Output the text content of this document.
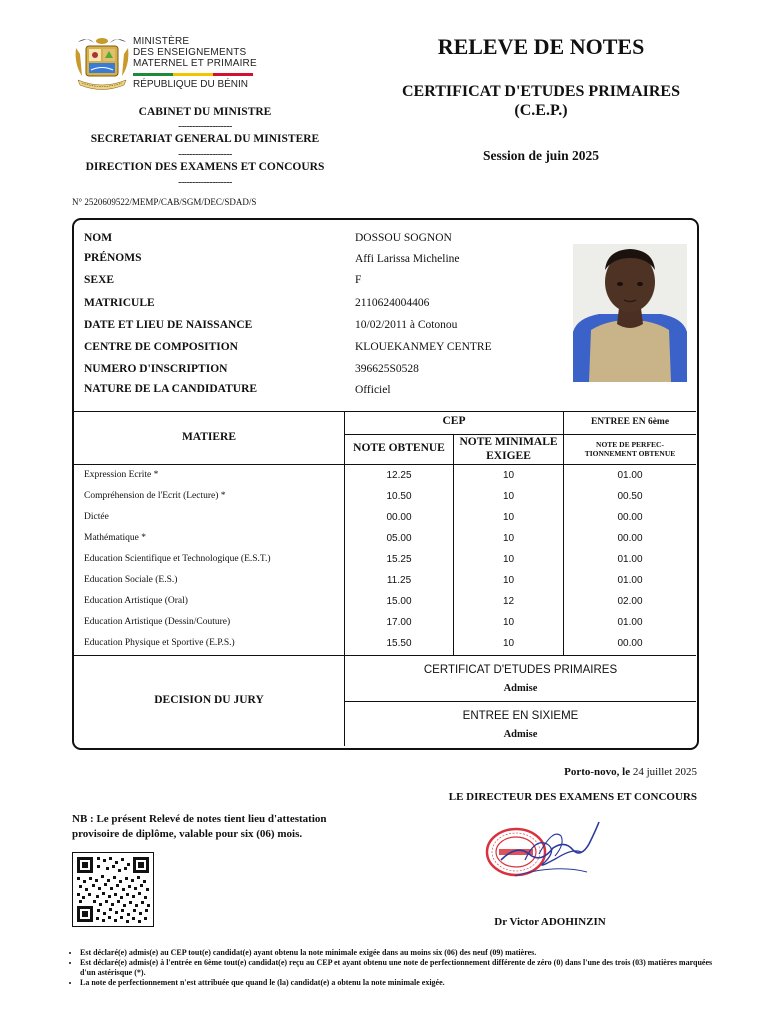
MINISTÈRE
DES ENSEIGNEMENTS
MATERNEL ET PRIMAIRE
RÉPUBLIQUE DU BÉNIN
CABINET DU MINISTRE
-------------------
SECRETARIAT GENERAL DU MINISTERE
-------------------
DIRECTION DES EXAMENS ET CONCOURS
-------------------
N° 2520609522/MEMP/CAB/SGM/DEC/SDAD/S
RELEVE DE NOTES
CERTIFICAT D'ETUDES PRIMAIRES
(C.E.P.)
Session de juin 2025
NOM	DOSSOU SOGNON
PRÉNOMS	Affi Larissa Micheline
SEXE	F
MATRICULE	2110624004406
DATE ET LIEU DE NAISSANCE	10/02/2011 à Cotonou
CENTRE DE COMPOSITION	KLOUEKANMEY CENTRE
NUMERO D'INSCRIPTION	396625S0528
NATURE DE LA CANDIDATURE	Officiel
MATIERE
CEP
NOTE OBTENUE	NOTE MINIMALE
EXIGEE
ENTREE EN 6ème
NOTE DE PERFEC-
TIONNEMENT OBTENUE
Expression Ecrite *	12.25	10	01.00
Compréhension de l'Ecrit (Lecture) *	10.50	10	00.50
Dictée	00.00	10	00.00
Mathématique *	05.00	10	00.00
Education Scientifique et Technologique (E.S.T.)	15.25	10	01.00
Education Sociale (E.S.)	11.25	10	01.00
Education Artistique (Oral)	15.00	12	02.00
Education Artistique (Dessin/Couture)	17.00	10	01.00
Education Physique et Sportive (E.P.S.)	15.50	10	00.00
DECISION DU JURY
CERTIFICAT D'ETUDES PRIMAIRES
Admise
ENTREE EN SIXIEME
Admise
Porto-novo, le 24 juillet 2025
LE DIRECTEUR DES EXAMENS ET CONCOURS
Dr Victor ADOHINZIN
NB : Le présent Relevé de notes tient lieu d'attestation
provisoire de diplôme, valable pour six (06) mois.
• Est déclaré(e) admis(e) au CEP tout(e) candidat(e) ayant obtenu la note minimale exigée dans au moins six (06) des neuf (09) matières.
• Est déclaré(e) admis(e) à l'entrée en 6ème tout(e) candidat(e) reçu au CEP et ayant obtenu une note de perfectionnement différente de zéro (0) dans l'une des trois (03) matières marquées d'un astérisque (*).
• La note de perfectionnement n'est attribuée que quand le (la) candidat(e) a obtenu la note minimale exigée.
